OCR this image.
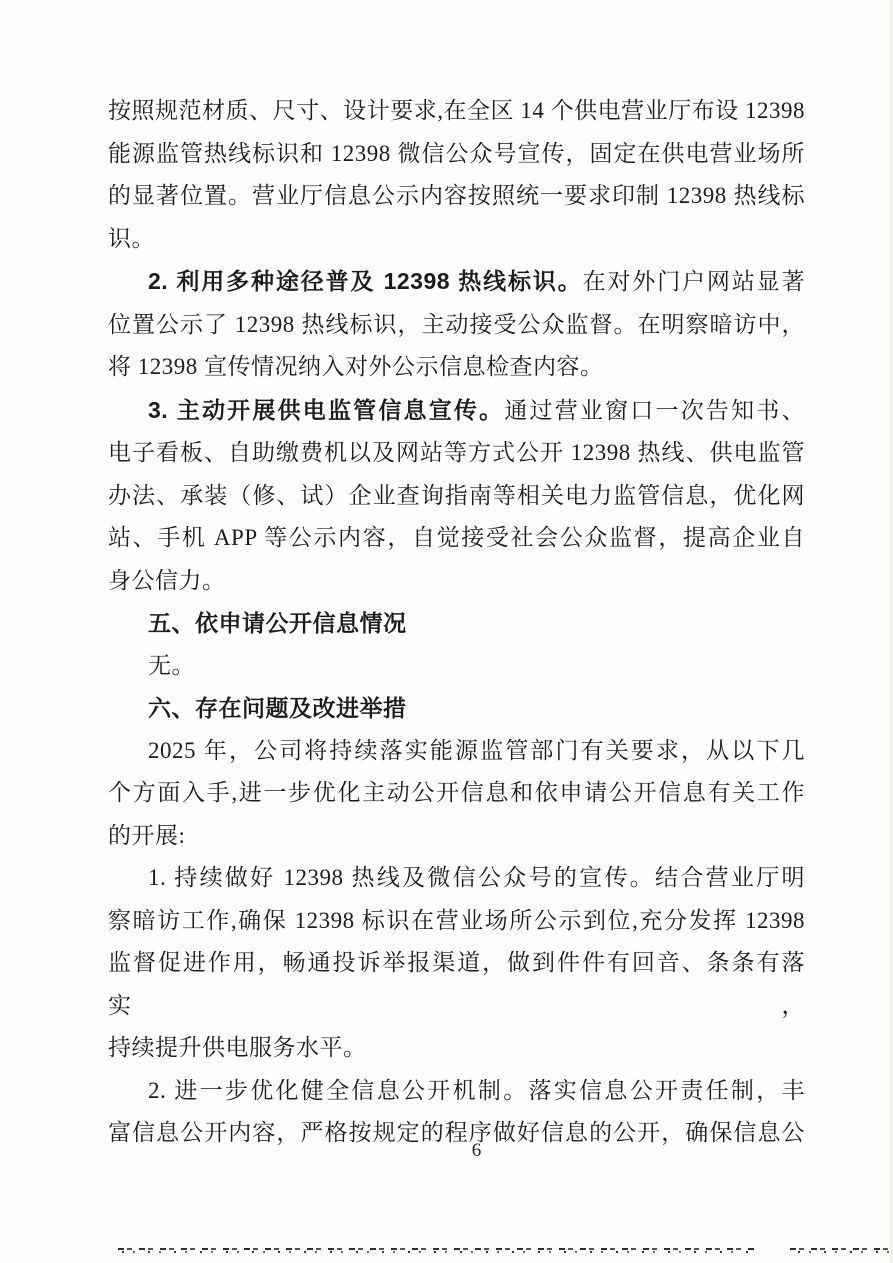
按照规范材质、尺寸、设计要求,在全区 14 个供电营业厅布设 12398
能源监管热线标识和 12398 微信公众号宣传，固定在供电营业场所
的显著位置。营业厅信息公示内容按照统一要求印制 12398 热线标
识。
2. 利用多种途径普及 12398 热线标识。在对外门户网站显著
位置公示了 12398 热线标识，主动接受公众监督。在明察暗访中，
将 12398 宣传情况纳入对外公示信息检查内容。
3. 主动开展供电监管信息宣传。通过营业窗口一次告知书、
电子看板、自助缴费机以及网站等方式公开 12398 热线、供电监管
办法、承装（修、试）企业查询指南等相关电力监管信息，优化网
站、手机 APP 等公示内容，自觉接受社会公众监督，提高企业自
身公信力。
五、依申请公开信息情况
无。
六、存在问题及改进举措
2025 年，公司将持续落实能源监管部门有关要求，从以下几
个方面入手,进一步优化主动公开信息和依申请公开信息有关工作
的开展:
1. 持续做好 12398 热线及微信公众号的宣传。结合营业厅明
察暗访工作,确保 12398 标识在营业场所公示到位,充分发挥 12398
监督促进作用，畅通投诉举报渠道，做到件件有回音、条条有落实，
持续提升供电服务水平。
2. 进一步优化健全信息公开机制。落实信息公开责任制，丰
富信息公开内容，严格按规定的程序做好信息的公开，确保信息公
6
